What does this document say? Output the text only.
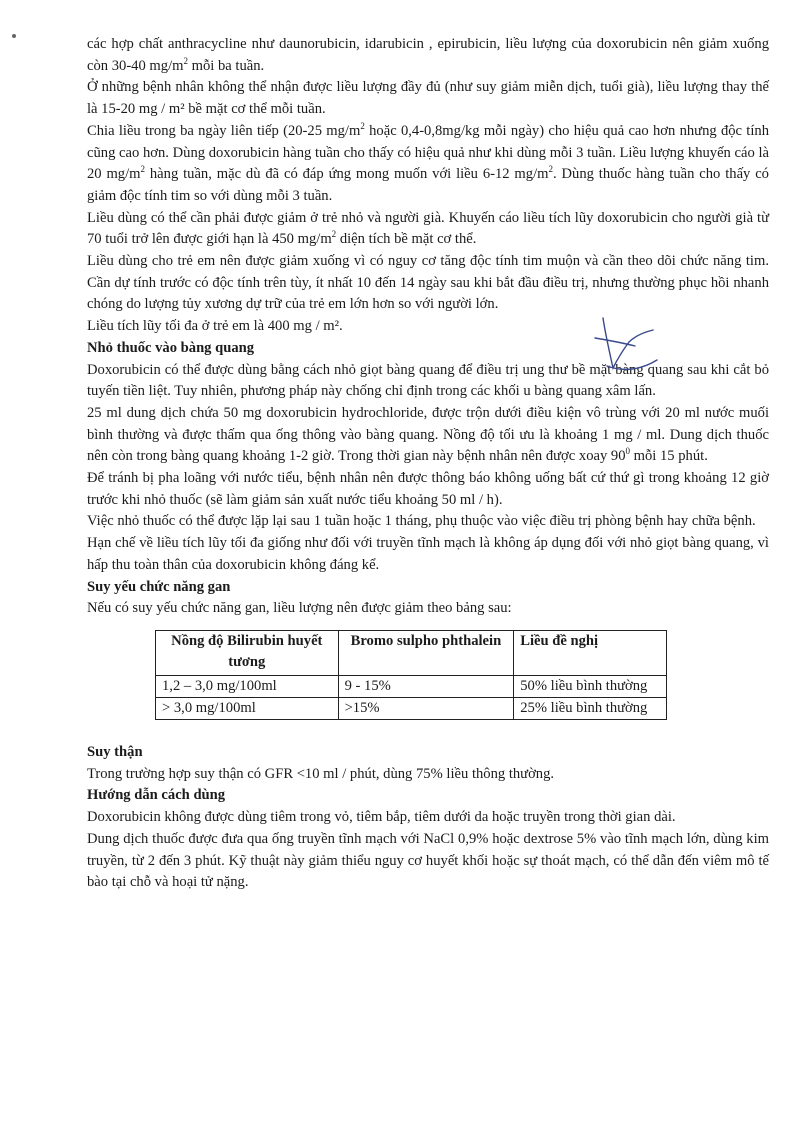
các hợp chất anthracycline như daunorubicin, idarubicin , epirubicin, liều lượng của doxorubicin nên giảm xuống còn 30-40 $mg/m^2$ mỗi ba tuần.

Ở những bệnh nhân không thể nhận được liều lượng đầy đủ (như suy giảm miễn dịch, tuổi già), liều lượng thay thế là 15-20 mg / m² bề mặt cơ thể mỗi tuần.

Chia liều trong ba ngày liên tiếp (20-25 $mg/m^2$ hoặc 0,4-0,8mg/kg mỗi ngày) cho hiệu quả cao hơn nhưng độc tính cũng cao hơn. Dùng doxorubicin hàng tuần cho thấy có hiệu quả như khi dùng mỗi 3 tuần. Liều lượng khuyến cáo là 20 $mg/m^2$ hàng tuần, mặc dù đã có đáp ứng mong muốn với liều 6-12 $mg/m^2$. Dùng thuốc hàng tuần cho thấy có giảm độc tính tim so với dùng mỗi 3 tuần.

Liều dùng có thể cần phải được giảm ở trẻ nhỏ và người già. Khuyến cáo liều tích lũy doxorubicin cho người già từ 70 tuổi trở lên được giới hạn là 450 $mg/m^2$ diện tích bề mặt cơ thể.

Liều dùng cho trẻ em nên được giảm xuống vì có nguy cơ tăng độc tính tim muộn và cần theo dõi chức năng tim. Cần dự tính trước có độc tính trên tùy, ít nhất 10 đến 14 ngày sau khi bắt đầu điều trị, nhưng thường phục hồi nhanh chóng do lượng tủy xương dự trữ của trẻ em lớn hơn so với người lớn.

Liều tích lũy tối đa ở trẻ em là 400 mg / m².

Nhỏ thuốc vào bàng quang

Doxorubicin có thể được dùng bằng cách nhỏ giọt bàng quang để điều trị ung thư bề mặt bàng quang sau khi cắt bỏ tuyến tiền liệt. Tuy nhiên, phương pháp này chống chỉ định trong các khối u bàng quang xâm lấn.

25 ml dung dịch chứa 50 mg doxorubicin hydrochloride, được trộn dưới điều kiện vô trùng với 20 ml nước muối bình thường và được thấm qua ống thông vào bàng quang. Nồng độ tối ưu là khoảng 1 mg / ml. Dung dịch thuốc nên còn trong bàng quang khoảng 1-2 giờ. Trong thời gian này bệnh nhân nên được xoay $90^0$ mỗi 15 phút.

Để tránh bị pha loãng với nước tiểu, bệnh nhân nên được thông báo không uống bất cứ thứ gì trong khoảng 12 giờ trước khi nhỏ thuốc (sẽ làm giảm sản xuất nước tiểu khoảng 50 ml / h).

Việc nhỏ thuốc có thể được lặp lại sau 1 tuần hoặc 1 tháng, phụ thuộc vào việc điều trị phòng bệnh hay chữa bệnh.

Hạn chế về liều tích lũy tối đa giống như đối với truyền tĩnh mạch là không áp dụng đối với nhỏ giọt bàng quang, vì hấp thu toàn thân của doxorubicin không đáng kể.

Suy yếu chức năng gan

Nếu có suy yếu chức năng gan, liều lượng nên được giảm theo bảng sau:

Nồng độ Bilirubin huyết tương	Bromo sulpho phthalein	Liều đề nghị
1,2 – 3,0 mg/100ml	9 - 15%	50% liều bình thường
> 3,0 mg/100ml	>15%	25% liều bình thường
Suy thận

Trong trường hợp suy thận có GFR <10 ml / phút, dùng 75% liều thông thường.

Hướng dẫn cách dùng

Doxorubicin không được dùng tiêm trong vỏ, tiêm bắp, tiêm dưới da hoặc truyền trong thời gian dài.

Dung dịch thuốc được đưa qua ống truyền tĩnh mạch với NaCl 0,9% hoặc dextrose 5% vào tĩnh mạch lớn, dùng kim truyền, từ 2 đến 3 phút. Kỹ thuật này giảm thiểu nguy cơ huyết khối hoặc sự thoát mạch, có thể dẫn đến viêm mô tế bào tại chỗ và hoại tử nặng.
